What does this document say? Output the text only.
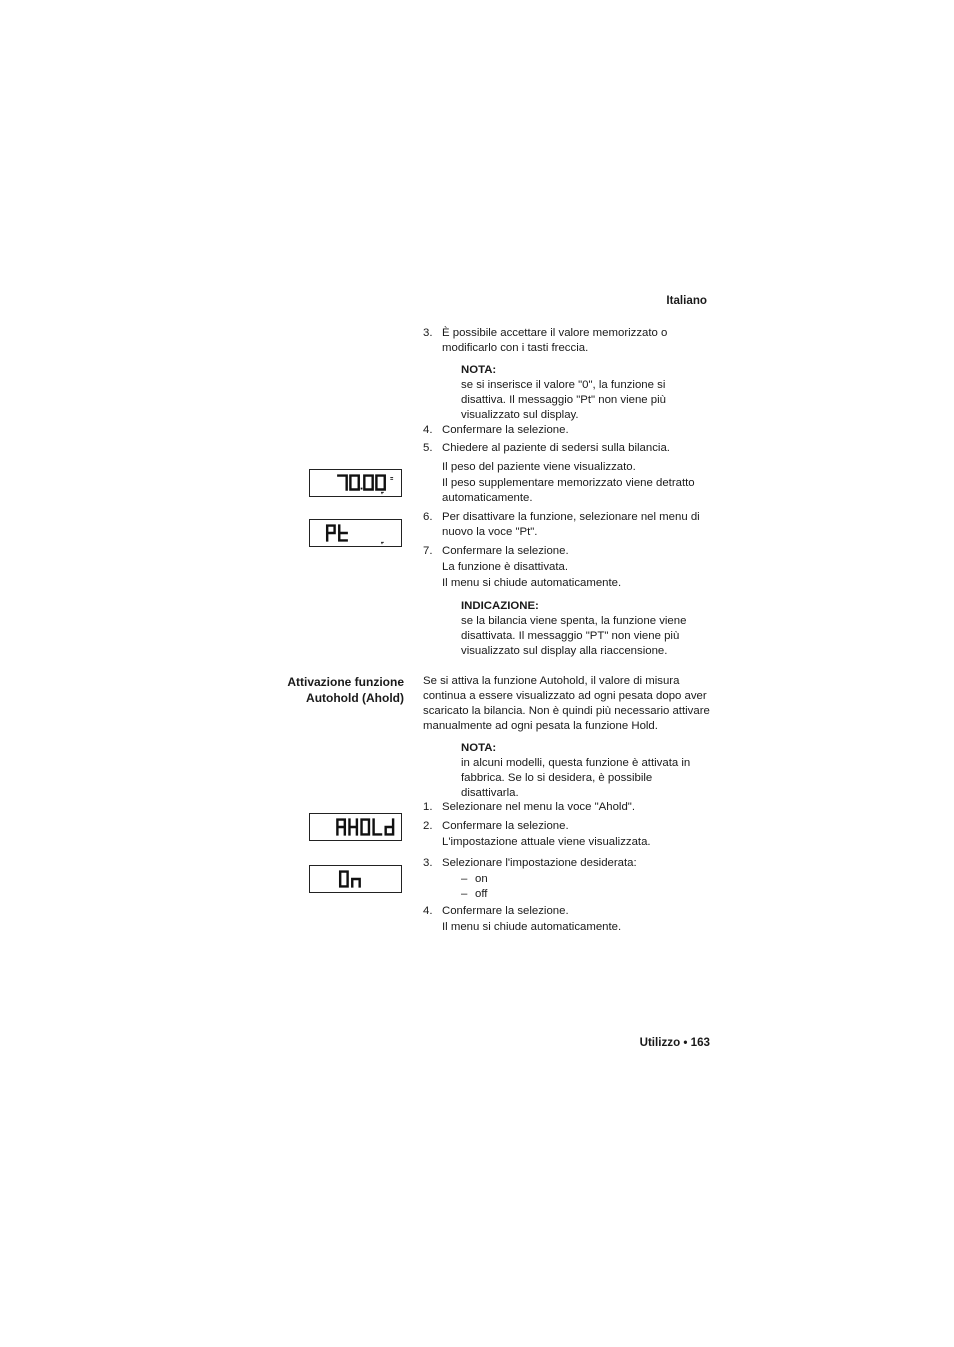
Italiano
3. È possibile accettare il valore memorizzato o modificarlo con i tasti freccia.
NOTA:
se si inserisce il valore "0", la funzione si disattiva. Il messaggio "Pt" non viene più visualizzato sul display.
4. Confermare la selezione.
5. Chiedere al paziente di sedersi sulla bilancia.
Il peso del paziente viene visualizzato.
Il peso supplementare memorizzato viene detratto automaticamente.
6. Per disattivare la funzione, selezionare nel menu di nuovo la voce "Pt".
7. Confermare la selezione.
La funzione è disattivata.
Il menu si chiude automaticamente.
INDICAZIONE:
se la bilancia viene spenta, la funzione viene disattivata. Il messaggio "PT" non viene più visualizzato sul display alla riaccensione.
Attivazione funzione
Autohold (Ahold)
Se si attiva la funzione Autohold, il valore di misura continua a essere visualizzato ad ogni pesata dopo aver scaricato la bilancia. Non è quindi più necessario attivare manualmente ad ogni pesata la funzione Hold.
NOTA:
in alcuni modelli, questa funzione è attivata in fabbrica. Se lo si desidera, è possibile disattivarla.
1. Selezionare nel menu la voce "Ahold".
2. Confermare la selezione.
L'impostazione attuale viene visualizzata.
3. Selezionare l'impostazione desiderata:
– on
– off
4. Confermare la selezione.
Il menu si chiude automaticamente.
Utilizzo • 163
